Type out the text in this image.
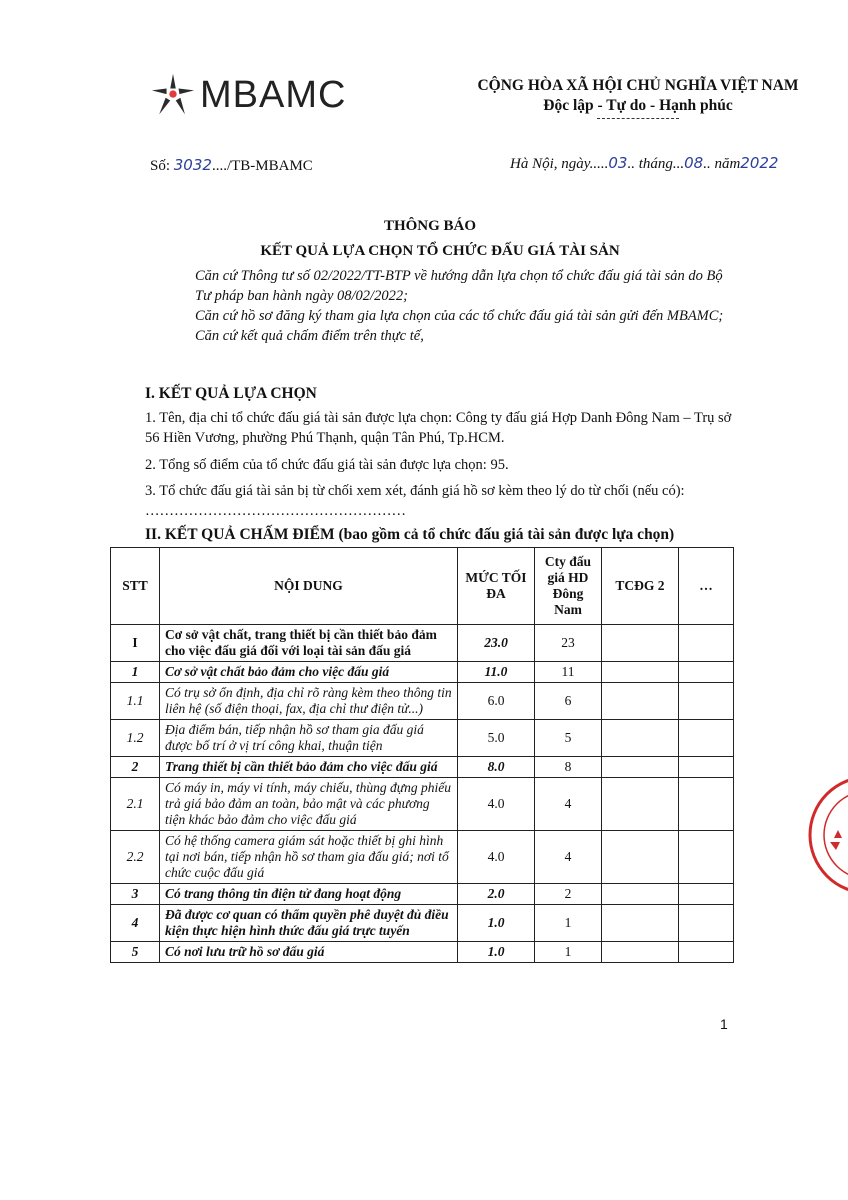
MBAMC	CỘNG HÒA XÃ HỘI CHỦ NGHĨA VIỆT NAM
Độc lập - Tự do - Hạnh phúc
Số: 3032..../TB-MBAMC	Hà Nội, ngày.....03.. tháng...08.. năm2022
THÔNG BÁO
KẾT QUẢ LỰA CHỌN TỔ CHỨC ĐẤU GIÁ TÀI SẢN

Căn cứ Thông tư số 02/2022/TT-BTP về hướng dẫn lựa chọn tổ chức đấu giá tài sản do Bộ Tư pháp ban hành ngày 08/02/2022;

Căn cứ hồ sơ đăng ký tham gia lựa chọn của các tổ chức đấu giá tài sản gửi đến MBAMC;

Căn cứ kết quả chấm điểm trên thực tế,

I. KẾT QUẢ LỰA CHỌN
1. Tên, địa chỉ tổ chức đấu giá tài sản được lựa chọn: Công ty đấu giá Hợp Danh Đông Nam – Trụ sở 56 Hiền Vương, phường Phú Thạnh, quận Tân Phú, Tp.HCM.
2. Tổng số điểm của tổ chức đấu giá tài sản được lựa chọn: 95.
3. Tổ chức đấu giá tài sản bị từ chối xem xét, đánh giá hồ sơ kèm theo lý do từ chối (nếu có): ………………………………………………
II. KẾT QUẢ CHẤM ĐIỂM (bao gồm cả tổ chức đấu giá tài sản được lựa chọn)
STT	NỘI DUNG	MỨC TỐI ĐA	Cty đấu giá HD Đông Nam	TCĐG 2	…
I	Cơ sở vật chất, trang thiết bị cần thiết bảo đảm cho việc đấu giá đối với loại tài sản đấu giá	23.0	23		
1	Cơ sở vật chất bảo đảm cho việc đấu giá	11.0	11		
1.1	Có trụ sở ổn định, địa chỉ rõ ràng kèm theo thông tin liên hệ (số điện thoại, fax, địa chỉ thư điện tử...)	6.0	6		
1.2	Địa điểm bán, tiếp nhận hồ sơ tham gia đấu giá được bố trí ở vị trí công khai, thuận tiện	5.0	5		
2	Trang thiết bị cần thiết bảo đảm cho việc đấu giá	8.0	8		
2.1	Có máy in, máy vi tính, máy chiếu, thùng đựng phiếu trả giá bảo đảm an toàn, bảo mật và các phương tiện khác bảo đảm cho việc đấu giá	4.0	4		
2.2	Có hệ thống camera giám sát hoặc thiết bị ghi hình tại nơi bán, tiếp nhận hồ sơ tham gia đấu giá; nơi tổ chức cuộc đấu giá	4.0	4		
3	Có trang thông tin điện tử đang hoạt động	2.0	2		
4	Đã được cơ quan có thẩm quyền phê duyệt đủ điều kiện thực hiện hình thức đấu giá trực tuyến	1.0	1		
5	Có nơi lưu trữ hồ sơ đấu giá	1.0	1		
1
